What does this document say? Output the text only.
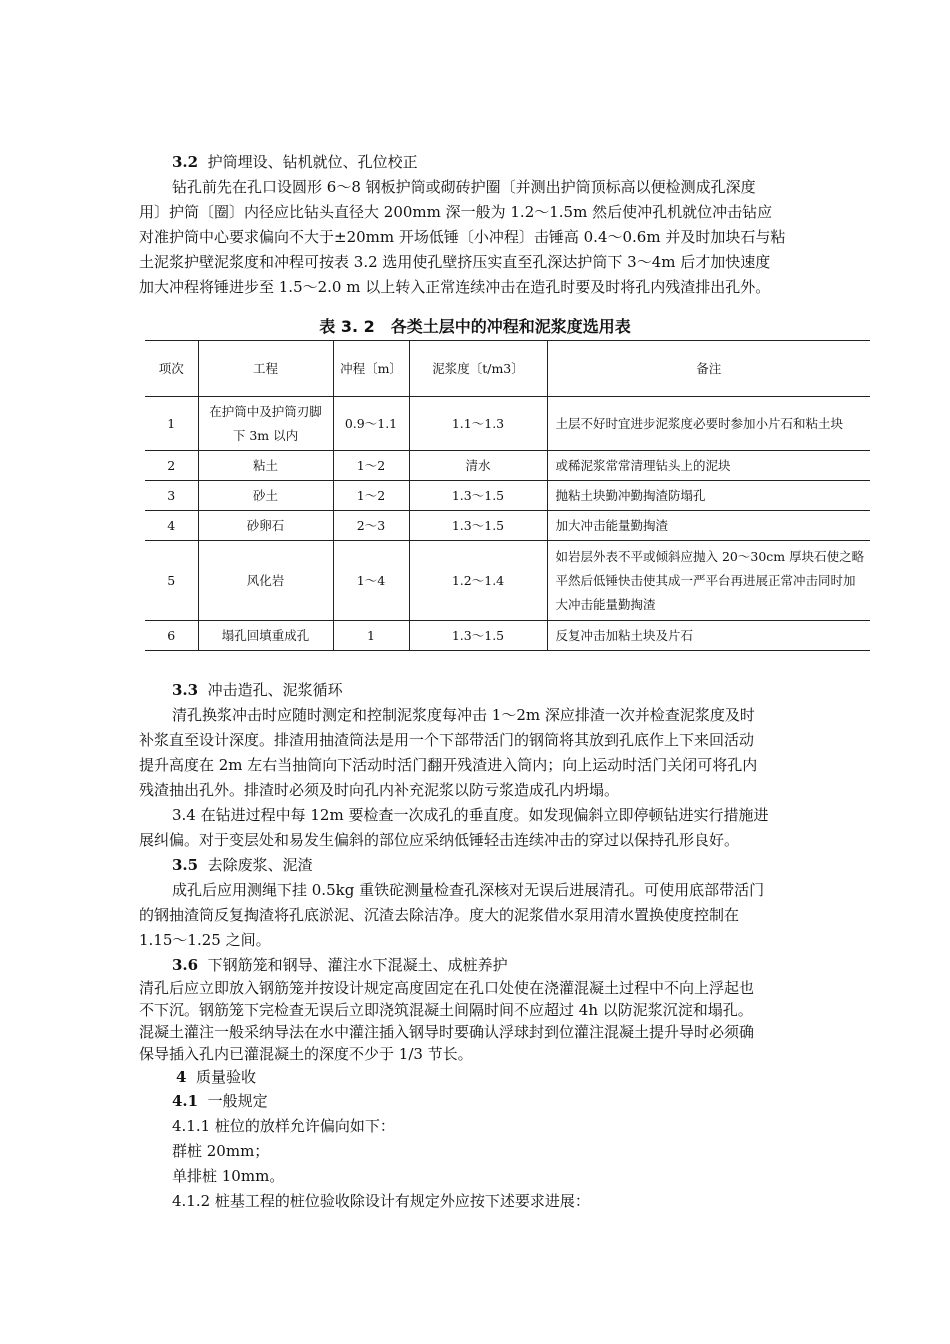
3.2 护筒埋设、钻机就位、孔位校正
钻孔前先在孔口设圆形 6～8 钢板护筒或砌砖护圈〔并测出护筒顶标高以便检测成孔深度
用〕护筒〔圈〕内径应比钻头直径大 200mm 深一般为 1.2～1.5m 然后使冲孔机就位冲击钻应
对准护筒中心要求偏向不大于±20mm 开场低锤〔小冲程〕击锤高 0.4～0.6m 并及时加块石与粘
土泥浆护壁泥浆度和冲程可按表 3.2 选用使孔壁挤压实直至孔深达护筒下 3～4m 后才加快速度
加大冲程将锤进步至 1.5～2.0 m 以上转入正常连续冲击在造孔时要及时将孔内残渣排出孔外。
表 3. 2　各类土层中的冲程和泥浆度选用表
项次	工程	冲程〔m〕	泥浆度〔t/m3〕	备注
1	在护筒中及护筒刃脚下 3m 以内	0.9～1.1	1.1～1.3	土层不好时宜进步泥浆度必要时参加小片石和粘土块
2	粘土	1～2	清水	或稀泥浆常常清理钻头上的泥块
3	砂土	1～2	1.3～1.5	抛粘土块勤冲勤掏渣防塌孔
4	砂卵石	2～3	1.3～1.5	加大冲击能量勤掏渣
5	风化岩	1～4	1.2～1.4	如岩层外表不平或倾斜应抛入 20～30cm 厚块石使之略平然后低锤快击使其成一严平台再进展正常冲击同时加大冲击能量勤掏渣
6	塌孔回填重成孔	1	1.3～1.5	反复冲击加粘土块及片石
3.3 冲击造孔、泥浆循环
清孔换浆冲击时应随时测定和控制泥浆度每冲击 1～2m 深应排渣一次并检查泥浆度及时
补浆直至设计深度。排渣用抽渣筒法是用一个下部带活门的钢筒将其放到孔底作上下来回活动
提升高度在 2m 左右当抽筒向下活动时活门翻开残渣进入筒内；向上运动时活门关闭可将孔内
残渣抽出孔外。排渣时必须及时向孔内补充泥浆以防亏浆造成孔内坍塌。
3.4 在钻进过程中每 12m 要检查一次成孔的垂直度。如发现偏斜立即停顿钻进实行措施进
展纠偏。对于变层处和易发生偏斜的部位应采纳低锤轻击连续冲击的穿过以保持孔形良好。
3.5 去除废浆、泥渣
成孔后应用测绳下挂 0.5kg 重铁砣测量检查孔深核对无误后进展清孔。可使用底部带活门
的钢抽渣筒反复掏渣将孔底淤泥、沉渣去除洁净。度大的泥浆借水泵用清水置换使度控制在
1.15～1.25 之间。
3.6 下钢筋笼和钢导、灌注水下混凝土、成桩养护
清孔后应立即放入钢筋笼并按设计规定高度固定在孔口处使在浇灌混凝土过程中不向上浮起也
不下沉。钢筋笼下完检查无误后立即浇筑混凝土间隔时间不应超过 4h 以防泥浆沉淀和塌孔。
混凝土灌注一般采纳导法在水中灌注插入钢导时要确认浮球封到位灌注混凝土提升导时必须确
保导插入孔内已灌混凝土的深度不少于 1/3 节长。
4 质量验收
4.1 一般规定
4.1.1 桩位的放样允许偏向如下：
群桩 20mm；
单排桩 10mm。
4.1.2 桩基工程的桩位验收除设计有规定外应按下述要求进展：
